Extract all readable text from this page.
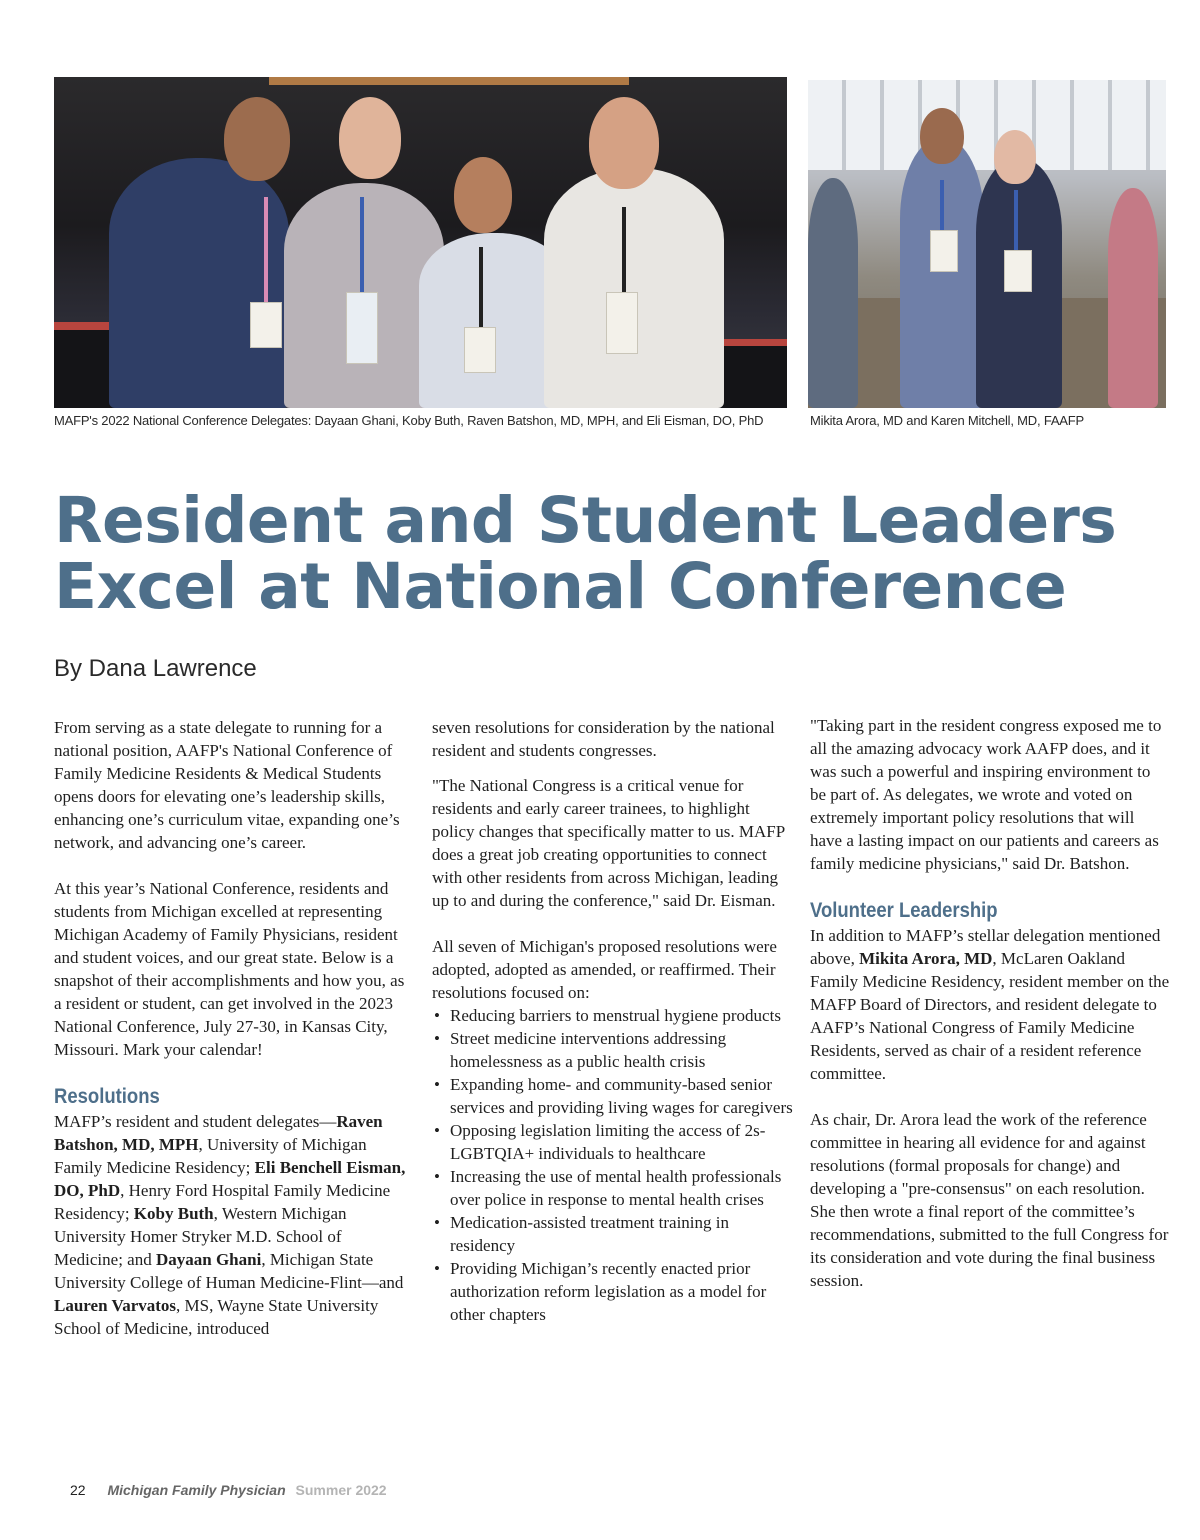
MAFP's 2022 National Conference Delegates: Dayaan Ghani, Koby Buth, Raven Batshon, MD, MPH, and Eli Eisman, DO, PhD	Mikita Arora, MD and Karen Mitchell, MD, FAAFP
Resident and Student Leaders
Excel at National Conference

By Dana Lawrence

From serving as a state delegate to running for a national position, AAFP's National Conference of Family Medicine Residents & Medical Students opens doors for elevating one’s leadership skills, enhancing one’s curriculum vitae, expanding one’s network, and advancing one’s career.

At this year’s National Conference, residents and students from Michigan excelled at representing Michigan Academy of Family Physicians, resident and student voices, and our great state. Below is a snapshot of their accomplishments and how you, as a resident or student, can get involved in the 2023 National Conference, July 27-30, in Kansas City, Missouri. Mark your calendar!

Resolutions

MAFP’s resident and student delegates—Raven Batshon, MD, MPH, University of Michigan Family Medicine Residency; Eli Benchell Eisman, DO, PhD, Henry Ford Hospital Family Medicine Residency; Koby Buth, Western Michigan University Homer Stryker M.D. School of Medicine; and Dayaan Ghani, Michigan State University College of Human Medicine-Flint—and Lauren Varvatos, MS, Wayne State University School of Medicine, introduced

seven resolutions for consideration by the national resident and students congresses.

"The National Congress is a critical venue for residents and early career trainees, to highlight policy changes that specifically matter to us. MAFP does a great job creating opportunities to connect with other residents from across Michigan, leading up to and during the conference," said Dr. Eisman.

All seven of Michigan's proposed resolutions were adopted, adopted as amended, or reaffirmed. Their resolutions focused on:

• Reducing barriers to menstrual hygiene products
• Street medicine interventions addressing homelessness as a public health crisis
• Expanding home- and community-based senior services and providing living wages for caregivers
• Opposing legislation limiting the access of 2s-LGBTQIA+ individuals to healthcare
• Increasing the use of mental health professionals over police in response to mental health crises
• Medication-assisted treatment training in residency
• Providing Michigan’s recently enacted prior authorization reform legislation as a model for other chapters

"Taking part in the resident congress exposed me to all the amazing advocacy work AAFP does, and it was such a powerful and inspiring environment to be part of. As delegates, we wrote and voted on extremely important policy resolutions that will have a lasting impact on our patients and careers as family medicine physicians," said Dr. Batshon.

Volunteer Leadership

In addition to MAFP’s stellar delegation mentioned above, Mikita Arora, MD, McLaren Oakland Family Medicine Residency, resident member on the MAFP Board of Directors, and resident delegate to AAFP’s National Congress of Family Medicine Residents, served as chair of a resident reference committee.

As chair, Dr. Arora lead the work of the reference committee in hearing all evidence for and against resolutions (formal proposals for change) and developing a "pre-consensus" on each resolution. She then wrote a final report of the committee’s recommendations, submitted to the full Congress for its consideration and vote during the final business session.

22 Michigan Family Physician Summer 2022
